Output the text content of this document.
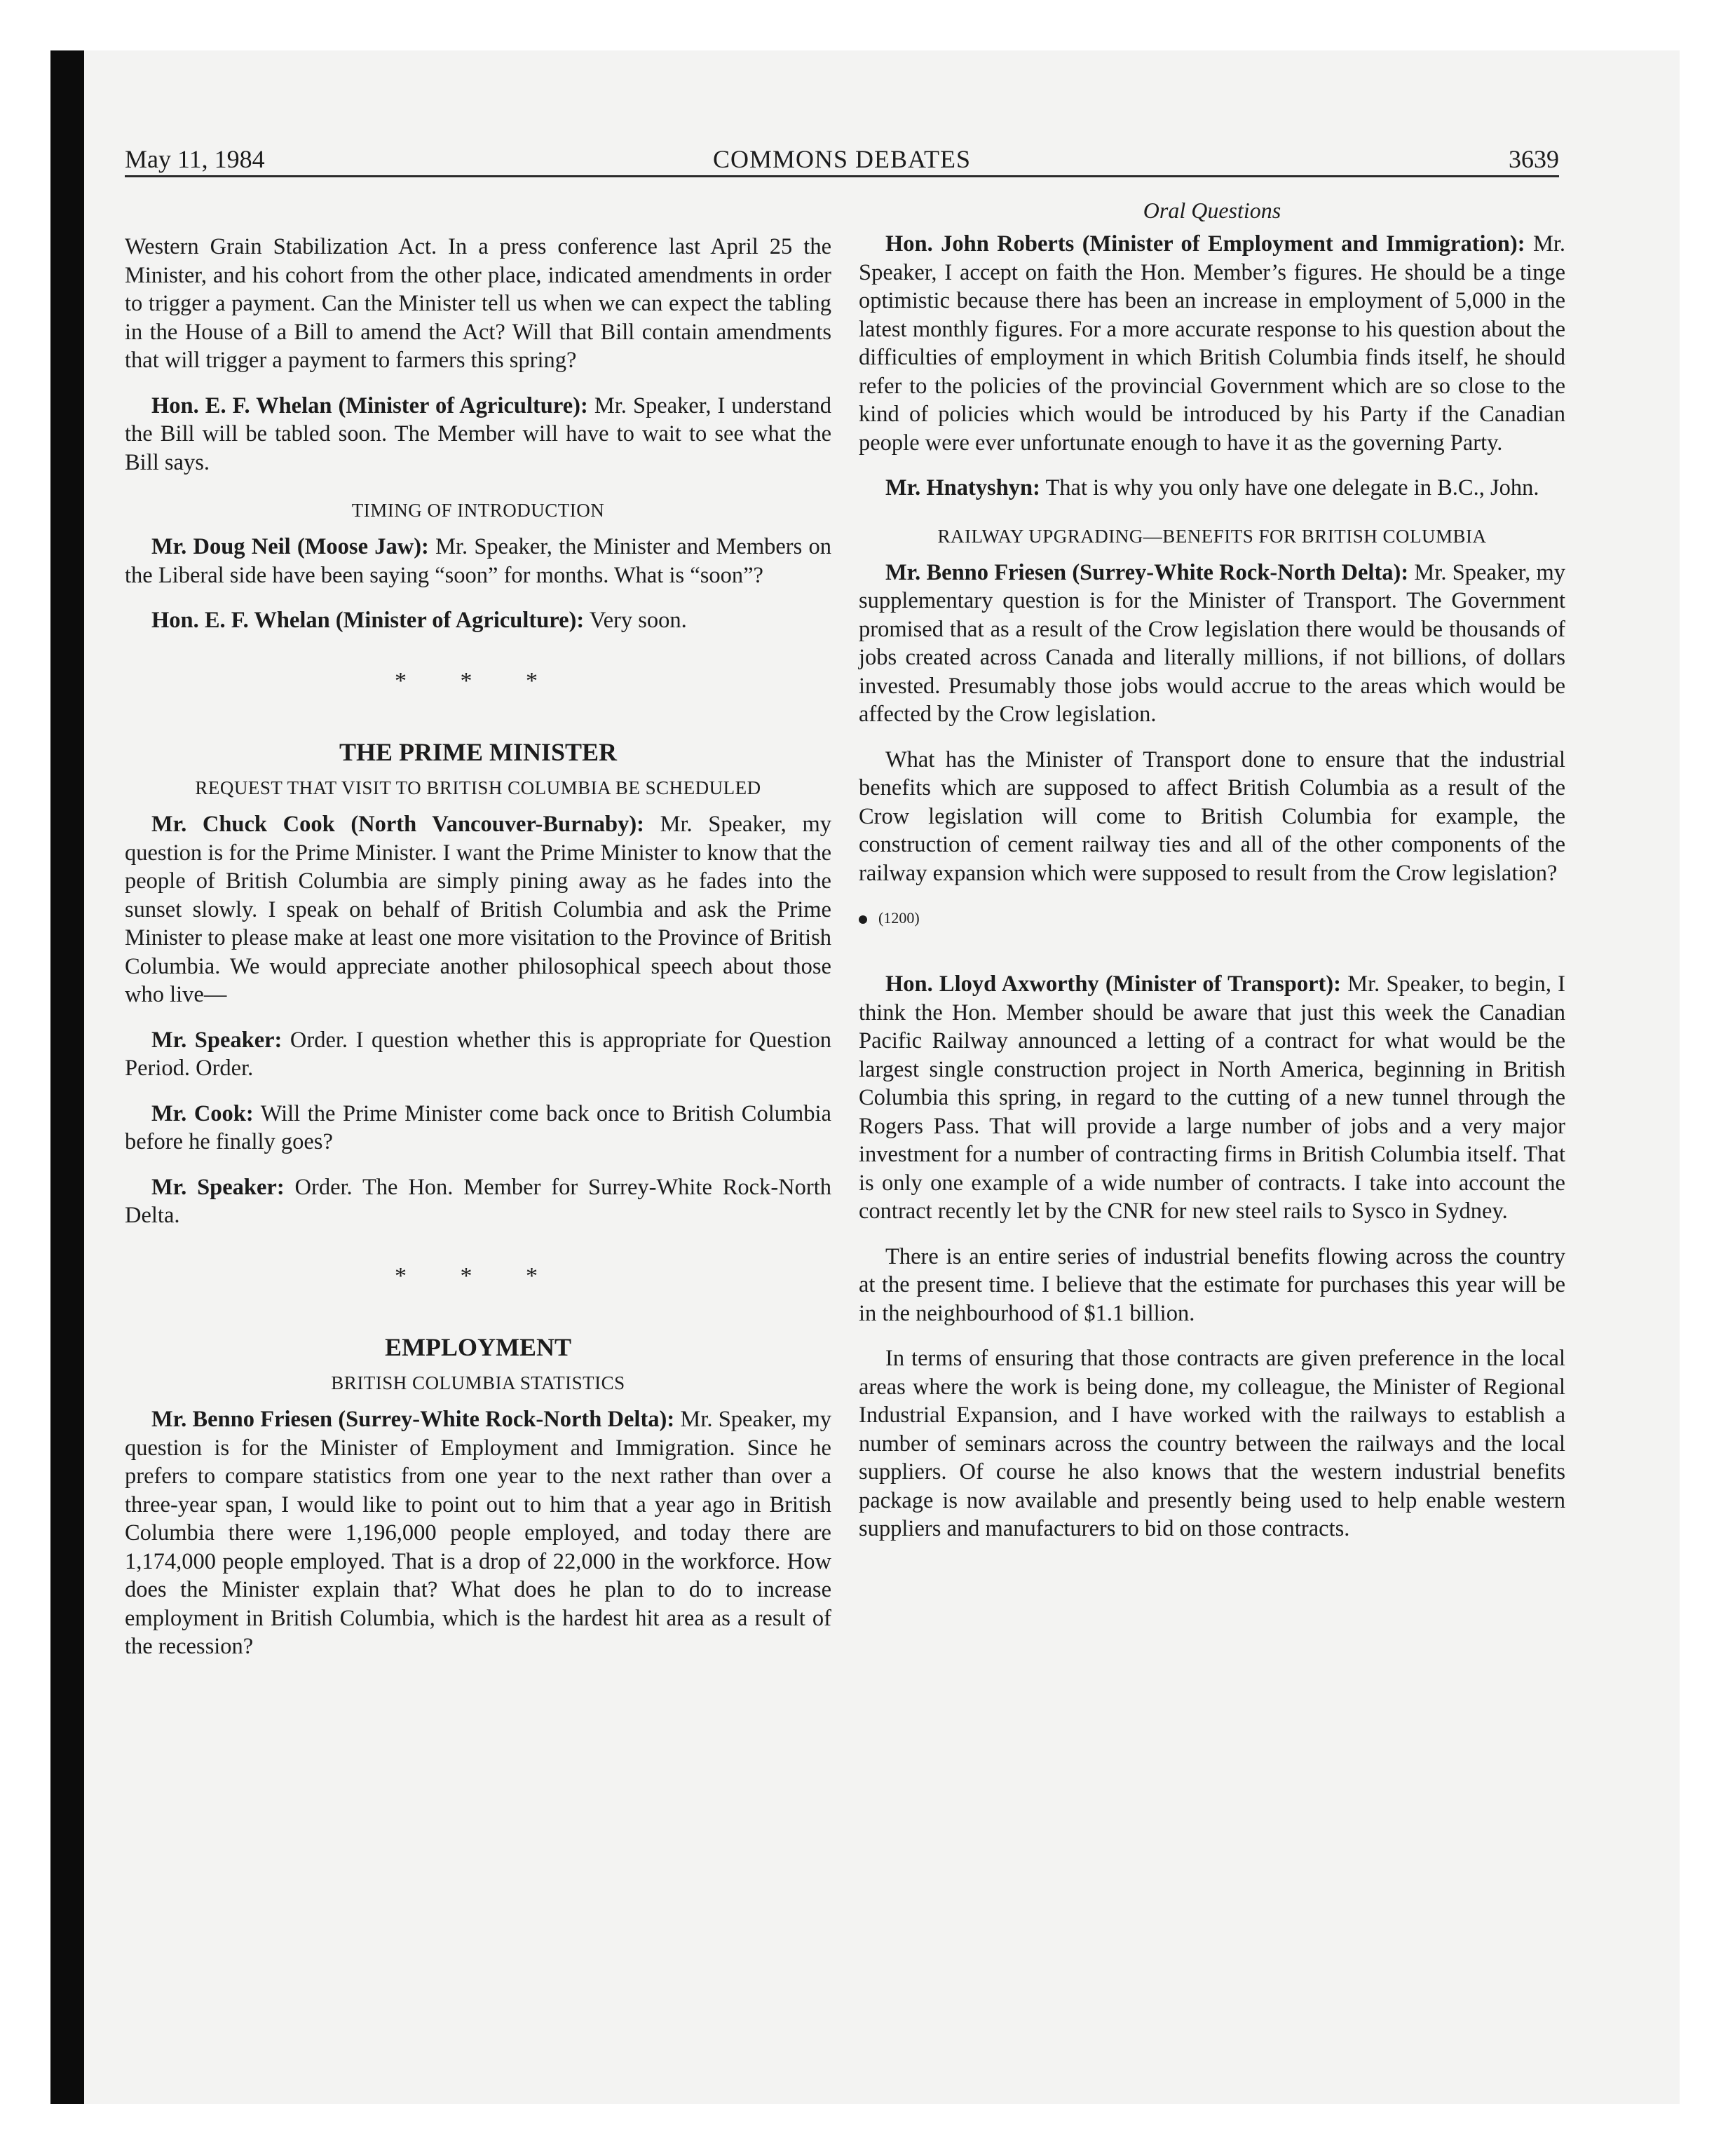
May 11, 1984	COMMONS DEBATES	3639

Western Grain Stabilization Act. In a press conference last April 25 the Minister, and his cohort from the other place, indicated amendments in order to trigger a payment. Can the Minister tell us when we can expect the tabling in the House of a Bill to amend the Act? Will that Bill contain amendments that will trigger a payment to farmers this spring?

Hon. E. F. Whelan (Minister of Agriculture): Mr. Speaker, I understand the Bill will be tabled soon. The Member will have to wait to see what the Bill says.

TIMING OF INTRODUCTION

Mr. Doug Neil (Moose Jaw): Mr. Speaker, the Minister and Members on the Liberal side have been saying “soon” for months. What is “soon”?

Hon. E. F. Whelan (Minister of Agriculture): Very soon.

* * *
THE PRIME MINISTER
REQUEST THAT VISIT TO BRITISH COLUMBIA BE SCHEDULED

Mr. Chuck Cook (North Vancouver-Burnaby): Mr. Speaker, my question is for the Prime Minister. I want the Prime Minister to know that the people of British Columbia are simply pining away as he fades into the sunset slowly. I speak on behalf of British Columbia and ask the Prime Minister to please make at least one more visitation to the Province of British Columbia. We would appreciate another philosophical speech about those who live—

Mr. Speaker: Order. I question whether this is appropriate for Question Period. Order.

Mr. Cook: Will the Prime Minister come back once to British Columbia before he finally goes?

Mr. Speaker: Order. The Hon. Member for Surrey-White Rock-North Delta.

* * *
EMPLOYMENT
BRITISH COLUMBIA STATISTICS

Mr. Benno Friesen (Surrey-White Rock-North Delta): Mr. Speaker, my question is for the Minister of Employment and Immigration. Since he prefers to compare statistics from one year to the next rather than over a three-year span, I would like to point out to him that a year ago in British Columbia there were 1,196,000 people employed, and today there are 1,174,000 people employed. That is a drop of 22,000 in the workforce. How does the Minister explain that? What does he plan to do to increase employment in British Columbia, which is the hardest hit area as a result of the recession?

Oral Questions

Hon. John Roberts (Minister of Employment and Immigration): Mr. Speaker, I accept on faith the Hon. Member’s figures. He should be a tinge optimistic because there has been an increase in employment of 5,000 in the latest monthly figures. For a more accurate response to his question about the difficulties of employment in which British Columbia finds itself, he should refer to the policies of the provincial Government which are so close to the kind of policies which would be introduced by his Party if the Canadian people were ever unfortunate enough to have it as the governing Party.

Mr. Hnatyshyn: That is why you only have one delegate in B.C., John.

RAILWAY UPGRADING—BENEFITS FOR BRITISH COLUMBIA

Mr. Benno Friesen (Surrey-White Rock-North Delta): Mr. Speaker, my supplementary question is for the Minister of Transport. The Government promised that as a result of the Crow legislation there would be thousands of jobs created across Canada and literally millions, if not billions, of dollars invested. Presumably those jobs would accrue to the areas which would be affected by the Crow legislation.

What has the Minister of Transport done to ensure that the industrial benefits which are supposed to affect British Columbia as a result of the Crow legislation will come to British Columbia for example, the construction of cement railway ties and all of the other components of the railway expansion which were supposed to result from the Crow legislation?

(1200)

Hon. Lloyd Axworthy (Minister of Transport): Mr. Speaker, to begin, I think the Hon. Member should be aware that just this week the Canadian Pacific Railway announced a letting of a contract for what would be the largest single construction project in North America, beginning in British Columbia this spring, in regard to the cutting of a new tunnel through the Rogers Pass. That will provide a large number of jobs and a very major investment for a number of contracting firms in British Columbia itself. That is only one example of a wide number of contracts. I take into account the contract recently let by the CNR for new steel rails to Sysco in Sydney.

There is an entire series of industrial benefits flowing across the country at the present time. I believe that the estimate for purchases this year will be in the neighbourhood of $1.1 billion.

In terms of ensuring that those contracts are given preference in the local areas where the work is being done, my colleague, the Minister of Regional Industrial Expansion, and I have worked with the railways to establish a number of seminars across the country between the railways and the local suppliers. Of course he also knows that the western industrial benefits package is now available and presently being used to help enable western suppliers and manufacturers to bid on those contracts.
